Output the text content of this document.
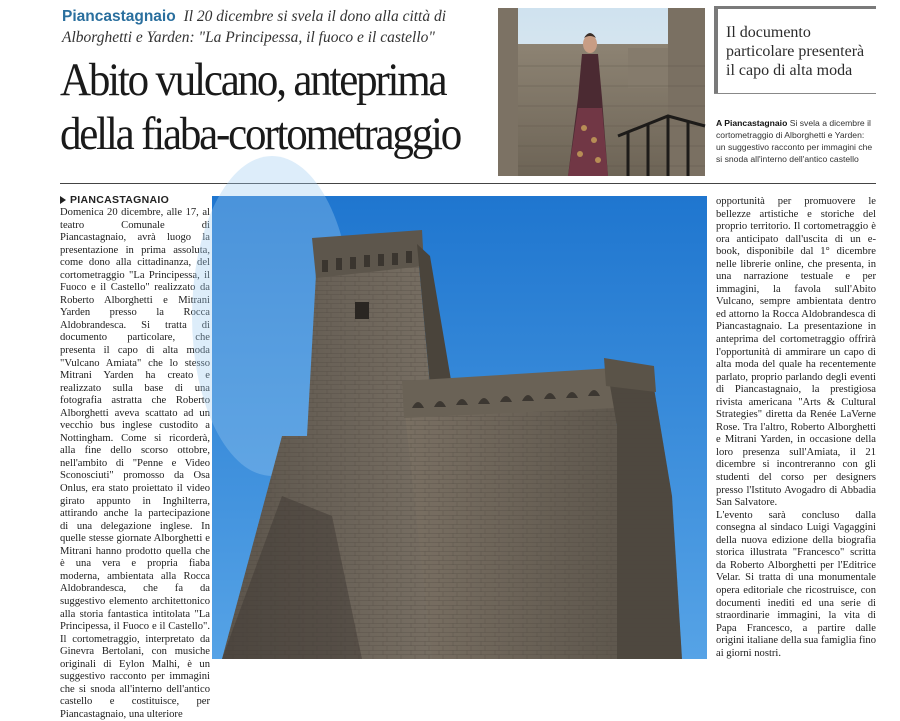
Piancastagnaio Il 20 dicembre si svela il dono alla città di Alborghetti e Yarden: "La Principessa, il fuoco e il castello"
Abito vulcano, anteprima della fiaba-cortometraggio
Il documento particolare presenterà il capo di alta moda
A Piancastagnaio Si svela a dicembre il cortometraggio di Alborghetti e Yarden: un suggestivo racconto per immagini che si snoda all'interno dell'antico castello
PIANCASTAGNAIO
Domenica 20 dicembre, alle 17, al teatro Comunale di Piancastagnaio, avrà luogo la presentazione in prima assoluta, come dono alla cittadinanza, del cortometraggio "La Principessa, il Fuoco e il Castello" realizzato da Roberto Alborghetti e Mitrani Yarden presso la Rocca Aldobrandesca. Si tratta di documento particolare, che presenta il capo di alta moda "Vulcano Amiata" che lo stesso Mitrani Yarden ha creato e realizzato sulla base di una fotografia astratta che Roberto Alborghetti aveva scattato ad un vecchio bus inglese custodito a Nottingham. Come si ricorderà, alla fine dello scorso ottobre, nell'ambito di "Penne e Video Sconosciuti" promosso da Osa Onlus, era stato proiettato il video girato appunto in Inghilterra, attirando anche la partecipazione di una delegazione inglese. In quelle stesse giornate Alborghetti e Mitrani hanno prodotto quella che è una vera e propria fiaba moderna, ambientata alla Rocca Aldobrandesca, che fa da suggestivo elemento architettonico alla storia fantastica intitolata "La Principessa, il Fuoco e il Castello". Il cortometraggio, interpretato da Ginevra Bertolani, con musiche originali di Eylon Malhi, è un suggestivo racconto per immagini che si snoda all'interno dell'antico castello e costituisce, per Piancastagnaio, una ulteriore
opportunità per promuovere le bellezze artistiche e storiche del proprio territorio. Il cortometraggio è ora anticipato dall'uscita di un e-book, disponibile dal 1° dicembre nelle librerie online, che presenta, in una narrazione testuale e per immagini, la favola sull'Abito Vulcano, sempre ambientata dentro ed attorno la Rocca Aldobrandesca di Piancastagnaio. La presentazione in anteprima del cortometraggio offrirà l'opportunità di ammirare un capo di alta moda del quale ha recentemente parlato, proprio parlando degli eventi di Piancastagnaio, la prestigiosa rivista americana "Arts & Cultural Strategies" diretta da Renée LaVerne Rose. Tra l'altro, Roberto Alborghetti e Mitrani Yarden, in occasione della loro presenza sull'Amiata, il 21 dicembre si incontreranno con gli studenti del corso per designers presso l'Istituto Avogadro di Abbadia San Salvatore.
L'evento sarà concluso dalla consegna al sindaco Luigi Vagaggini della nuova edizione della biografia storica illustrata "Francesco" scritta da Roberto Alborghetti per l'Editrice Velar. Si tratta di una monumentale opera editoriale che ricostruisce, con documenti inediti ed una serie di straordinarie immagini, la vita di Papa Francesco, a partire dalle origini italiane della sua famiglia fino ai giorni nostri.
